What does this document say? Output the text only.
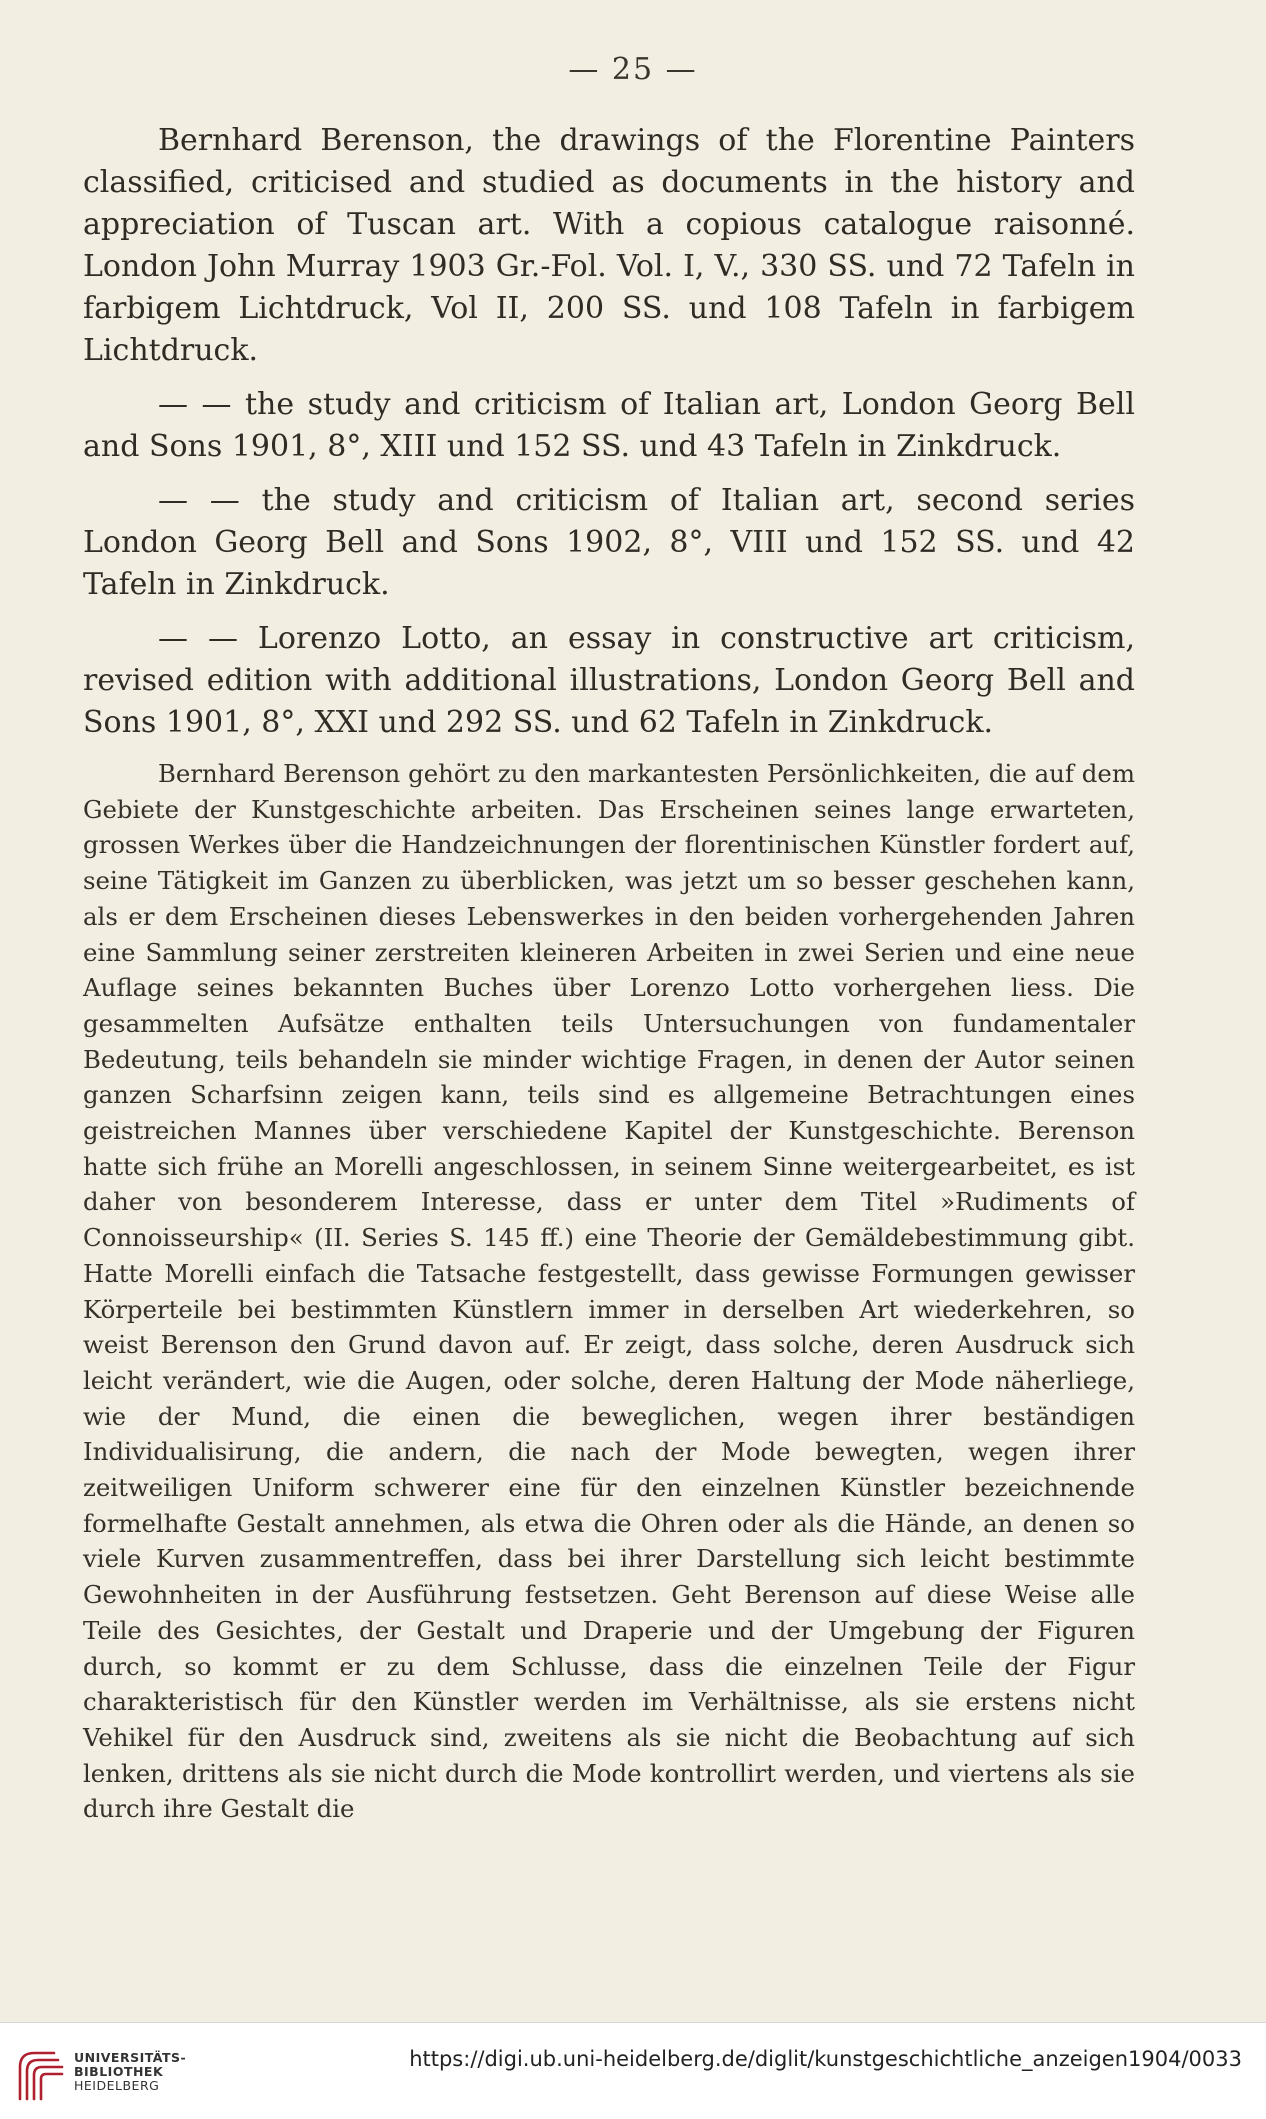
— 25 —

Bernhard Berenson, the drawings of the Florentine Painters classified, criticised and studied as documents in the history and appreciation of Tuscan art. With a copious catalogue raisonné. London John Murray 1903 Gr.-Fol. Vol. I, V., 330 SS. und 72 Tafeln in farbigem Lichtdruck, Vol II, 200 SS. und 108 Tafeln in farbigem Lichtdruck.

— — the study and criticism of Italian art, London Georg Bell and Sons 1901, 8°, XIII und 152 SS. und 43 Tafeln in Zinkdruck.

— — the study and criticism of Italian art, second series London Georg Bell and Sons 1902, 8°, VIII und 152 SS. und 42 Tafeln in Zinkdruck.

— — Lorenzo Lotto, an essay in constructive art criticism, revised edition with additional illustrations, London Georg Bell and Sons 1901, 8°, XXI und 292 SS. und 62 Tafeln in Zinkdruck.

Bernhard Berenson gehört zu den markantesten Persönlichkeiten, die auf dem Gebiete der Kunstgeschichte arbeiten. Das Erscheinen seines lange erwarteten, grossen Werkes über die Handzeichnungen der florentinischen Künstler fordert auf, seine Tätigkeit im Ganzen zu überblicken, was jetzt um so besser geschehen kann, als er dem Erscheinen dieses Lebenswerkes in den beiden vorhergehenden Jahren eine Sammlung seiner zerstreiten kleineren Arbeiten in zwei Serien und eine neue Auflage seines bekannten Buches über Lorenzo Lotto vorhergehen liess. Die gesammelten Aufsätze enthalten teils Untersuchungen von fundamentaler Bedeutung, teils behandeln sie minder wichtige Fragen, in denen der Autor seinen ganzen Scharfsinn zeigen kann, teils sind es allgemeine Betrachtungen eines geistreichen Mannes über verschiedene Kapitel der Kunstgeschichte. Berenson hatte sich frühe an Morelli angeschlossen, in seinem Sinne weitergearbeitet, es ist daher von besonderem Interesse, dass er unter dem Titel »Rudiments of Connoisseurship« (II. Series S. 145 ff.) eine Theorie der Gemäldebestimmung gibt. Hatte Morelli einfach die Tatsache festgestellt, dass gewisse Formungen gewisser Körperteile bei bestimmten Künstlern immer in derselben Art wiederkehren, so weist Berenson den Grund davon auf. Er zeigt, dass solche, deren Ausdruck sich leicht verändert, wie die Augen, oder solche, deren Haltung der Mode näherliege, wie der Mund, die einen die beweglichen, wegen ihrer beständigen Individualisirung, die andern, die nach der Mode bewegten, wegen ihrer zeitweiligen Uniform schwerer eine für den einzelnen Künstler bezeichnende formelhafte Gestalt annehmen, als etwa die Ohren oder als die Hände, an denen so viele Kurven zusammentreffen, dass bei ihrer Darstellung sich leicht bestimmte Gewohnheiten in der Ausführung festsetzen. Geht Berenson auf diese Weise alle Teile des Gesichtes, der Gestalt und Draperie und der Umgebung der Figuren durch, so kommt er zu dem Schlusse, dass die einzelnen Teile der Figur charakteristisch für den Künstler werden im Verhältnisse, als sie erstens nicht Vehikel für den Ausdruck sind, zweitens als sie nicht die Beobachtung auf sich lenken, drittens als sie nicht durch die Mode kontrollirt werden, und viertens als sie durch ihre Gestalt die
UNIVERSITÄTS-
BIBLIOTHEK
HEIDELBERG
https://digi.ub.uni-heidelberg.de/diglit/kunstgeschichtliche_anzeigen1904/0033
